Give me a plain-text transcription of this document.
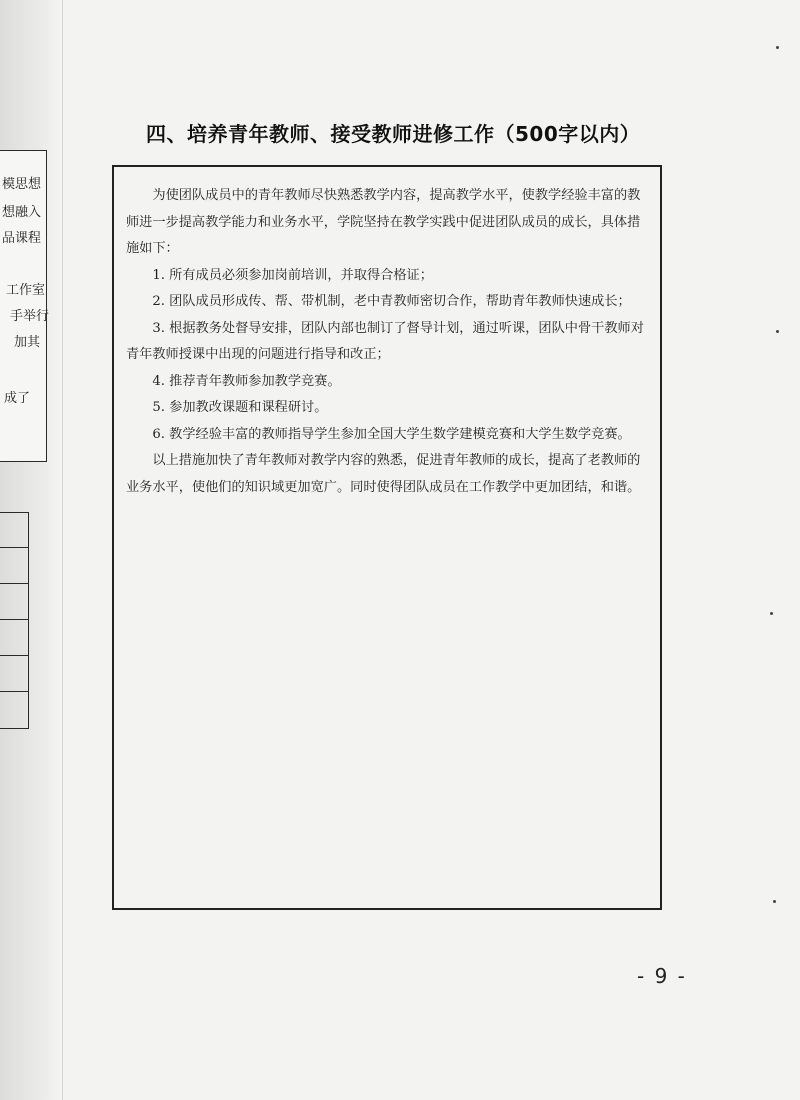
模思想
想融入
品课程
工作室
手举行
加其
成了
四、培养青年教师、接受教师进修工作（500字以内）

为使团队成员中的青年教师尽快熟悉教学内容，提高教学水平，使教学经验丰富的教师进一步提高教学能力和业务水平，学院坚持在教学实践中促进团队成员的成长，具体措施如下：

1. 所有成员必须参加岗前培训，并取得合格证；

2. 团队成员形成传、帮、带机制，老中青教师密切合作，帮助青年教师快速成长；

3. 根据教务处督导安排，团队内部也制订了督导计划，通过听课，团队中骨干教师对青年教师授课中出现的问题进行指导和改正；

4. 推荐青年教师参加教学竞赛。

5. 参加教改课题和课程研讨。

6. 教学经验丰富的教师指导学生参加全国大学生数学建模竞赛和大学生数学竞赛。

以上措施加快了青年教师对教学内容的熟悉，促进青年教师的成长，提高了老教师的业务水平，使他们的知识域更加宽广。同时使得团队成员在工作教学中更加团结，和谐。

- 9 -
